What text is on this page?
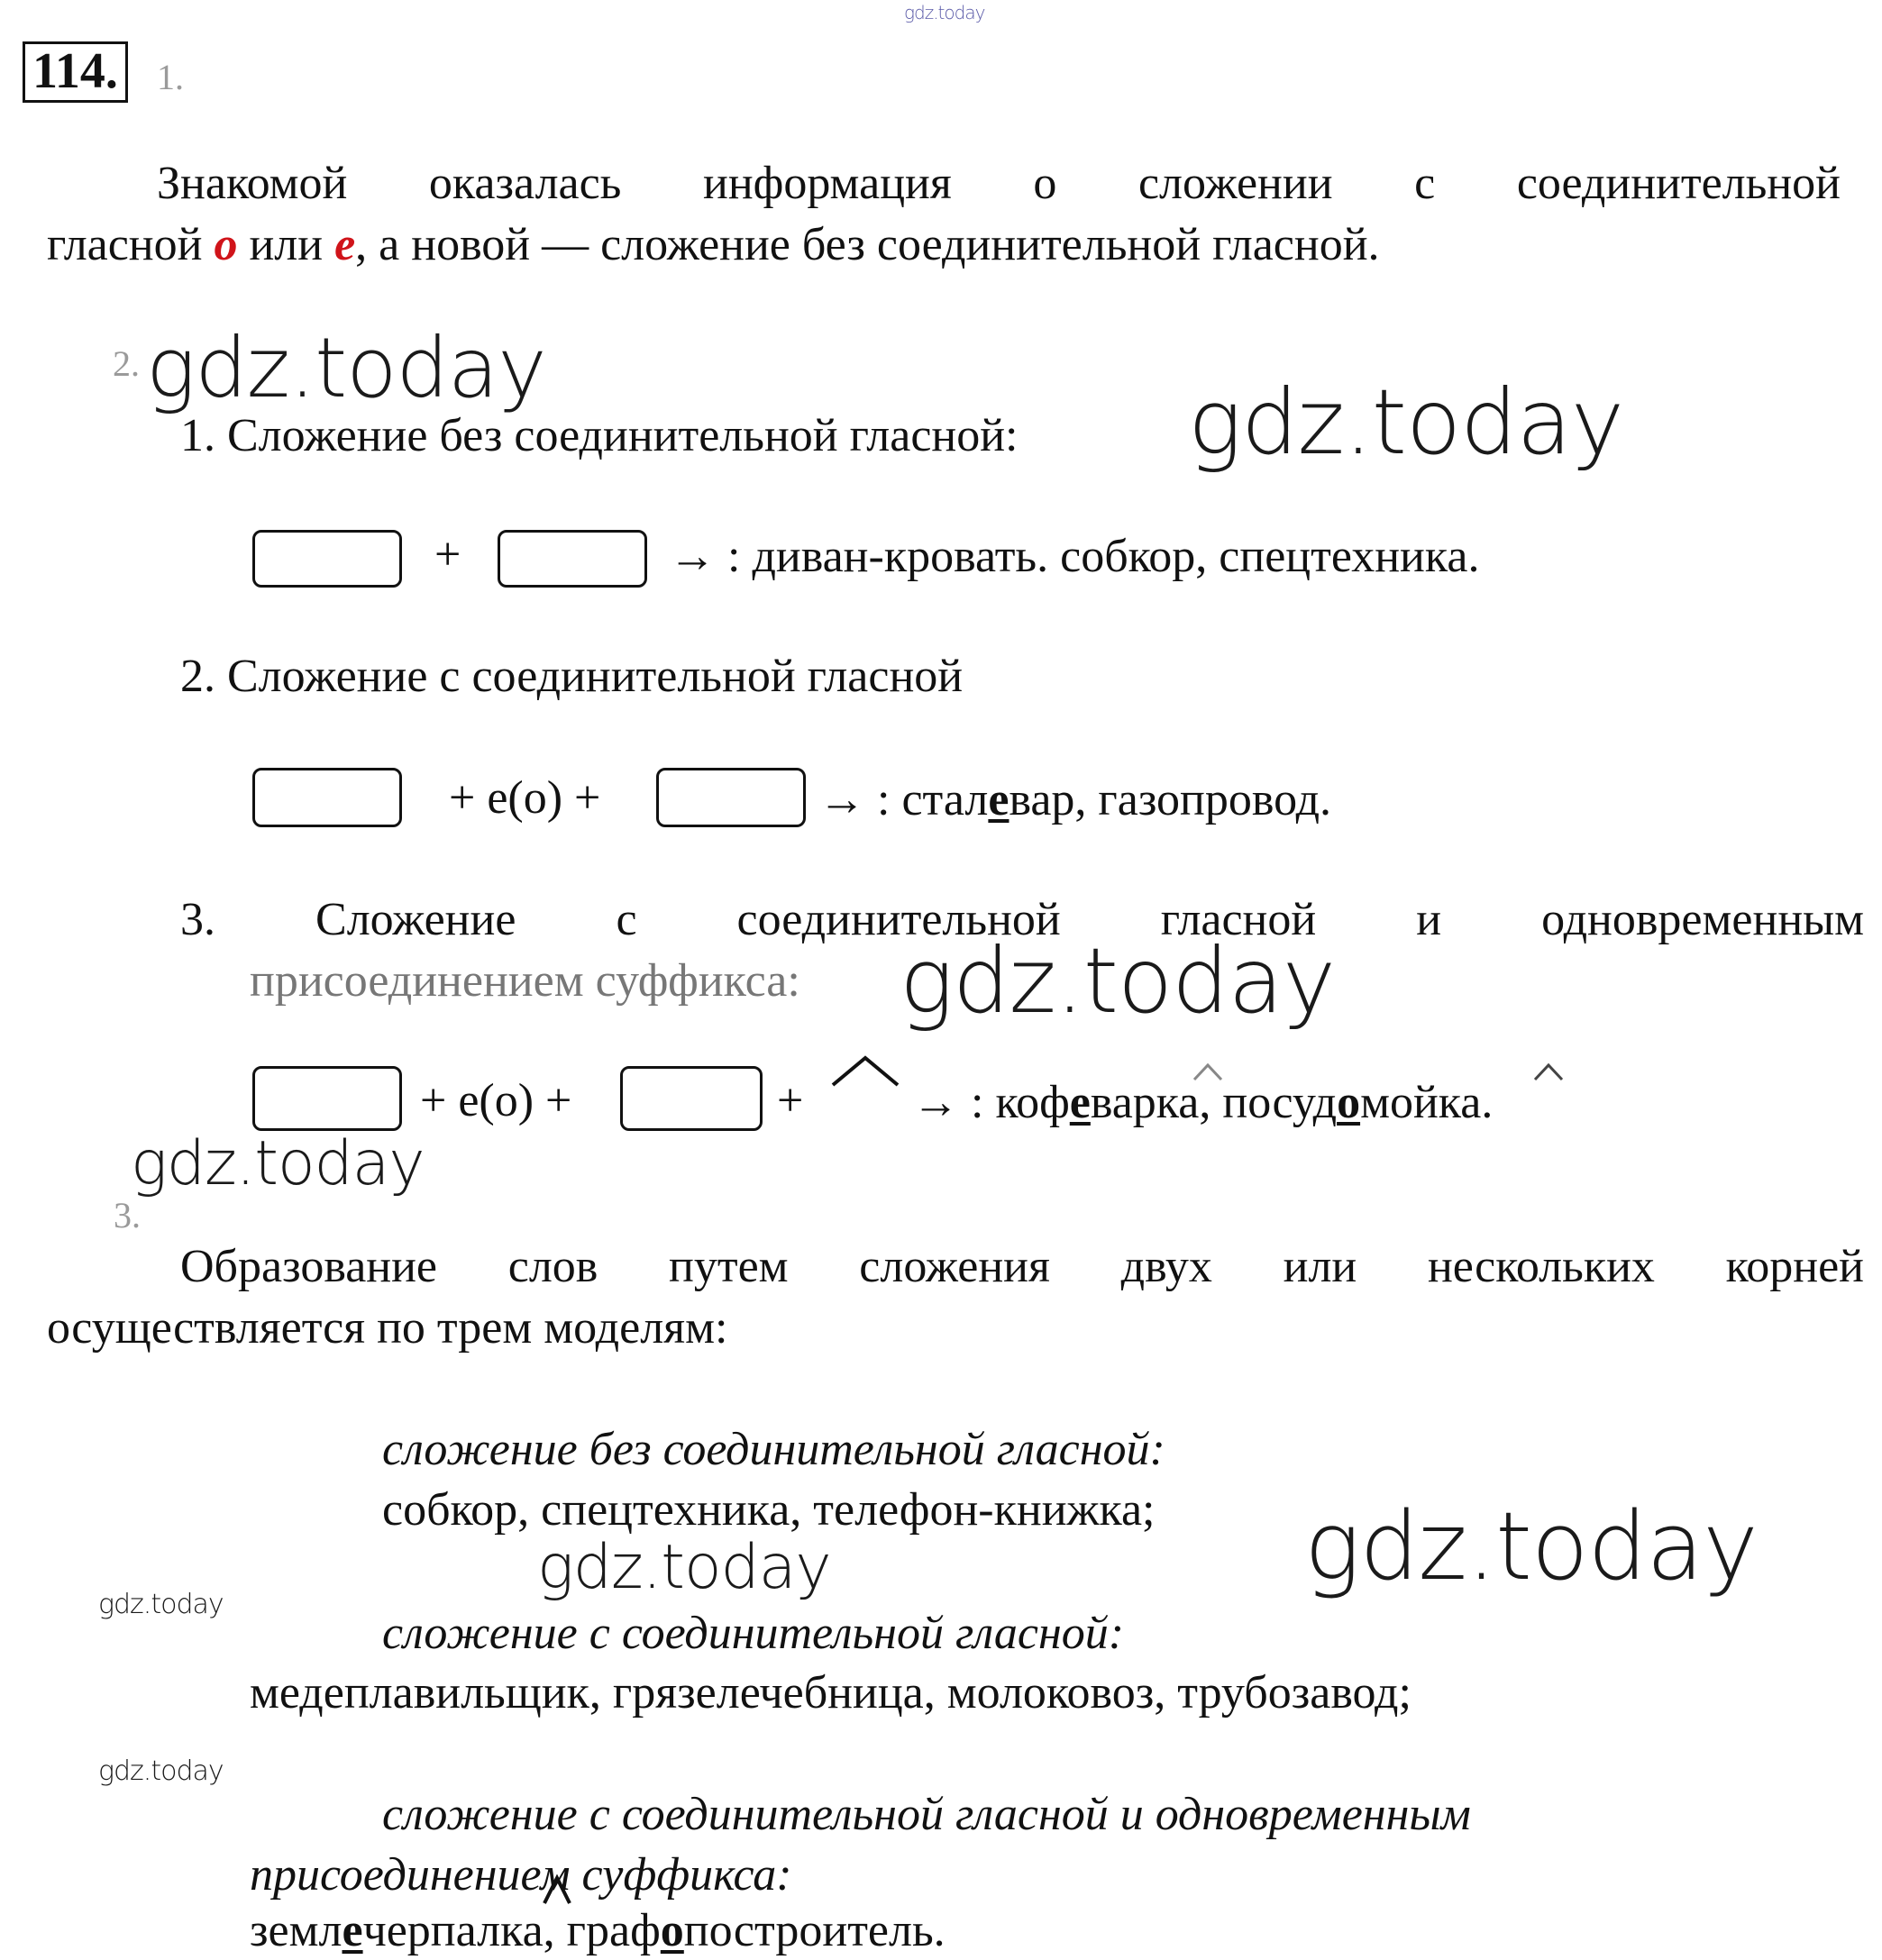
gdz.today
114. 1.
Знакомой оказалась информация о сложении с соединительной
гласной о или е, а новой — сложение без соединительной гласной.
2. gdz.today
1. Сложение без соединительной гласной: gdz.today
+	→ : диван-кровать. собкор, спецтехника.
2. Сложение с соединительной гласной
+ е(о) +	→ : сталевар, газопровод.
3. Сложение с соединительной гласной и одновременным
присоединением суффикса: gdz.today
+ е(о) +	+ → : кофеварка, посудомойка.
gdz.today
3.
Образование слов путем сложения двух или нескольких корней
осуществляется по трем моделям:
сложение без соединительной гласной:
собкор, спецтехника, телефон-книжка; gdz.today
gdz.today
gdz.today
сложение с соединительной гласной:
медеплавильщик, грязелечебница, молоковоз, трубозавод;
gdz.today
сложение с соединительной гласной и одновременным
присоединенuем суффикса:
землечерпалка, графопостроитель.
